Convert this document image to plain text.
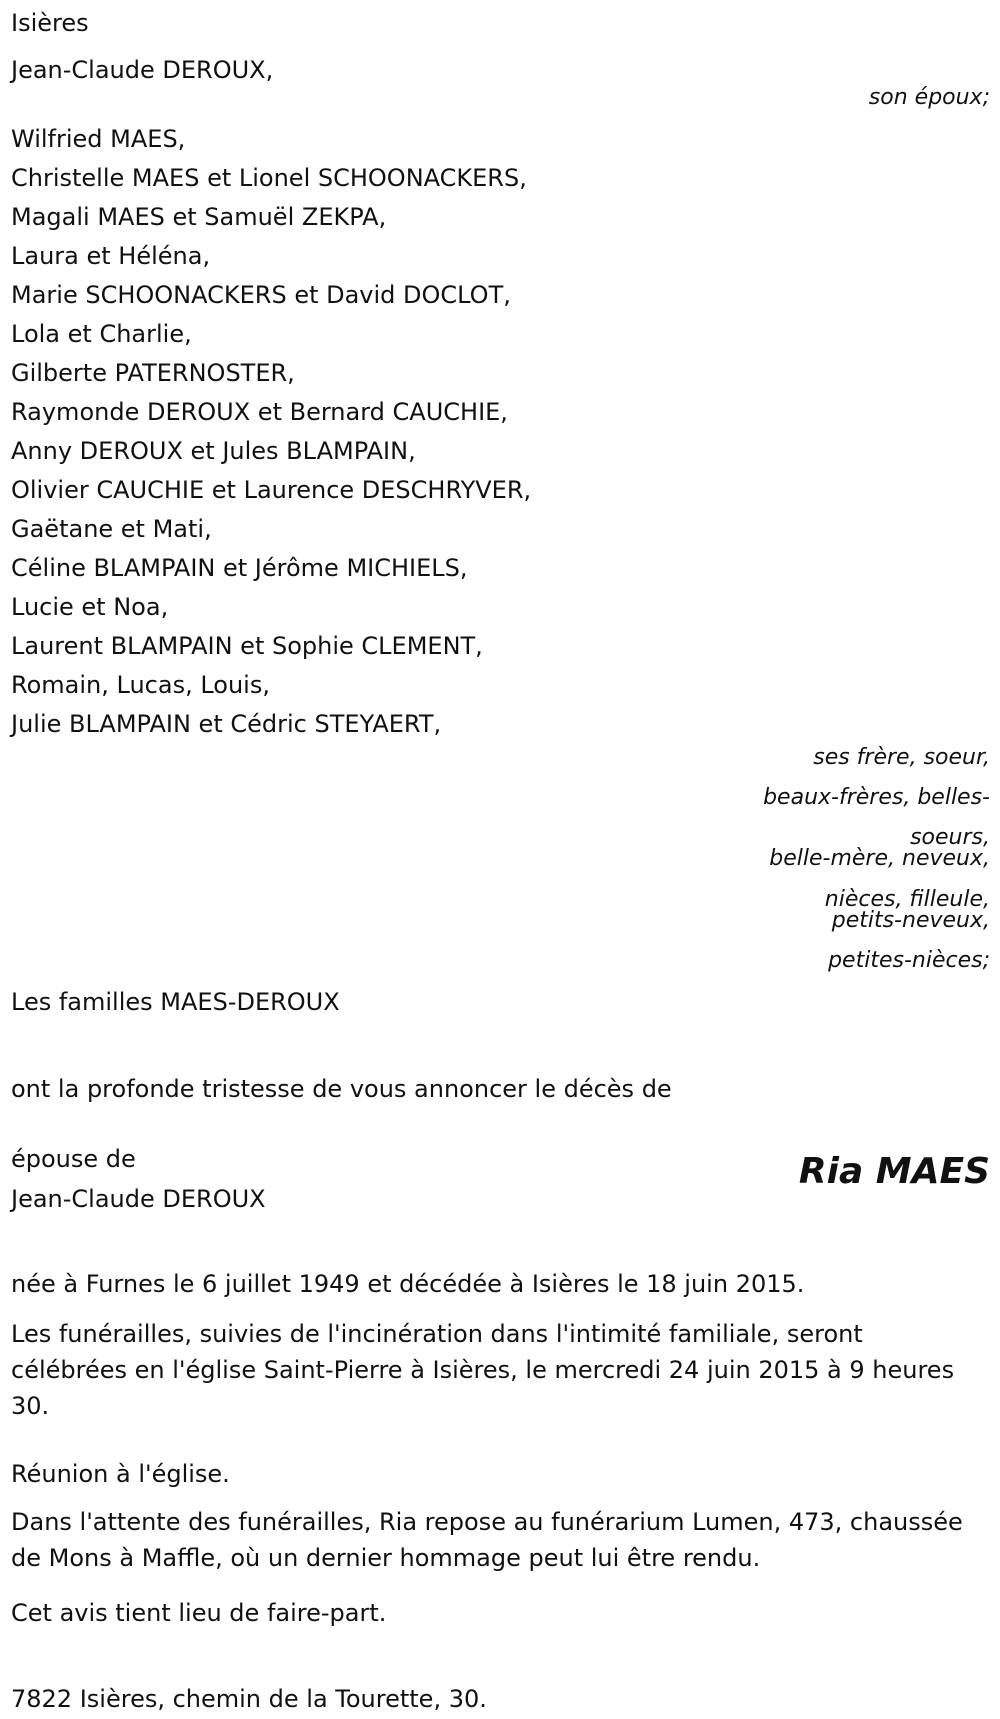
Isières
Jean-Claude DEROUX,
son époux;
Wilfried MAES,
Christelle MAES et Lionel SCHOONACKERS,
Magali MAES et Samuël ZEKPA,
Laura et Héléna,
Marie SCHOONACKERS et David DOCLOT,
Lola et Charlie,
Gilberte PATERNOSTER,
Raymonde DEROUX et Bernard CAUCHIE,
Anny DEROUX et Jules BLAMPAIN,
Olivier CAUCHIE et Laurence DESCHRYVER,
Gaëtane et Mati,
Céline BLAMPAIN et Jérôme MICHIELS,
Lucie et Noa,
Laurent BLAMPAIN et Sophie CLEMENT,
Romain, Lucas, Louis,
Julie BLAMPAIN et Cédric STEYAERT,
ses frère, soeur,
beaux-frères, belles-
soeurs,
belle-mère, neveux,
nièces, filleule,
petits-neveux,
petites-nièces;
Les familles MAES-DEROUX
ont la profonde tristesse de vous annoncer le décès de
épouse de
Jean-Claude DEROUX
Ria MAES
née à Furnes le 6 juillet 1949 et décédée à Isières le 18 juin 2015.
Les funérailles, suivies de l'incinération dans l'intimité familiale, seront célébrées en l'église Saint-Pierre à Isières, le mercredi 24 juin 2015 à 9 heures 30.
Réunion à l'église.
Dans l'attente des funérailles, Ria repose au funérarium Lumen, 473, chaussée de Mons à Maffle, où un dernier hommage peut lui être rendu.
Cet avis tient lieu de faire-part.
7822 Isières, chemin de la Tourette, 30.
